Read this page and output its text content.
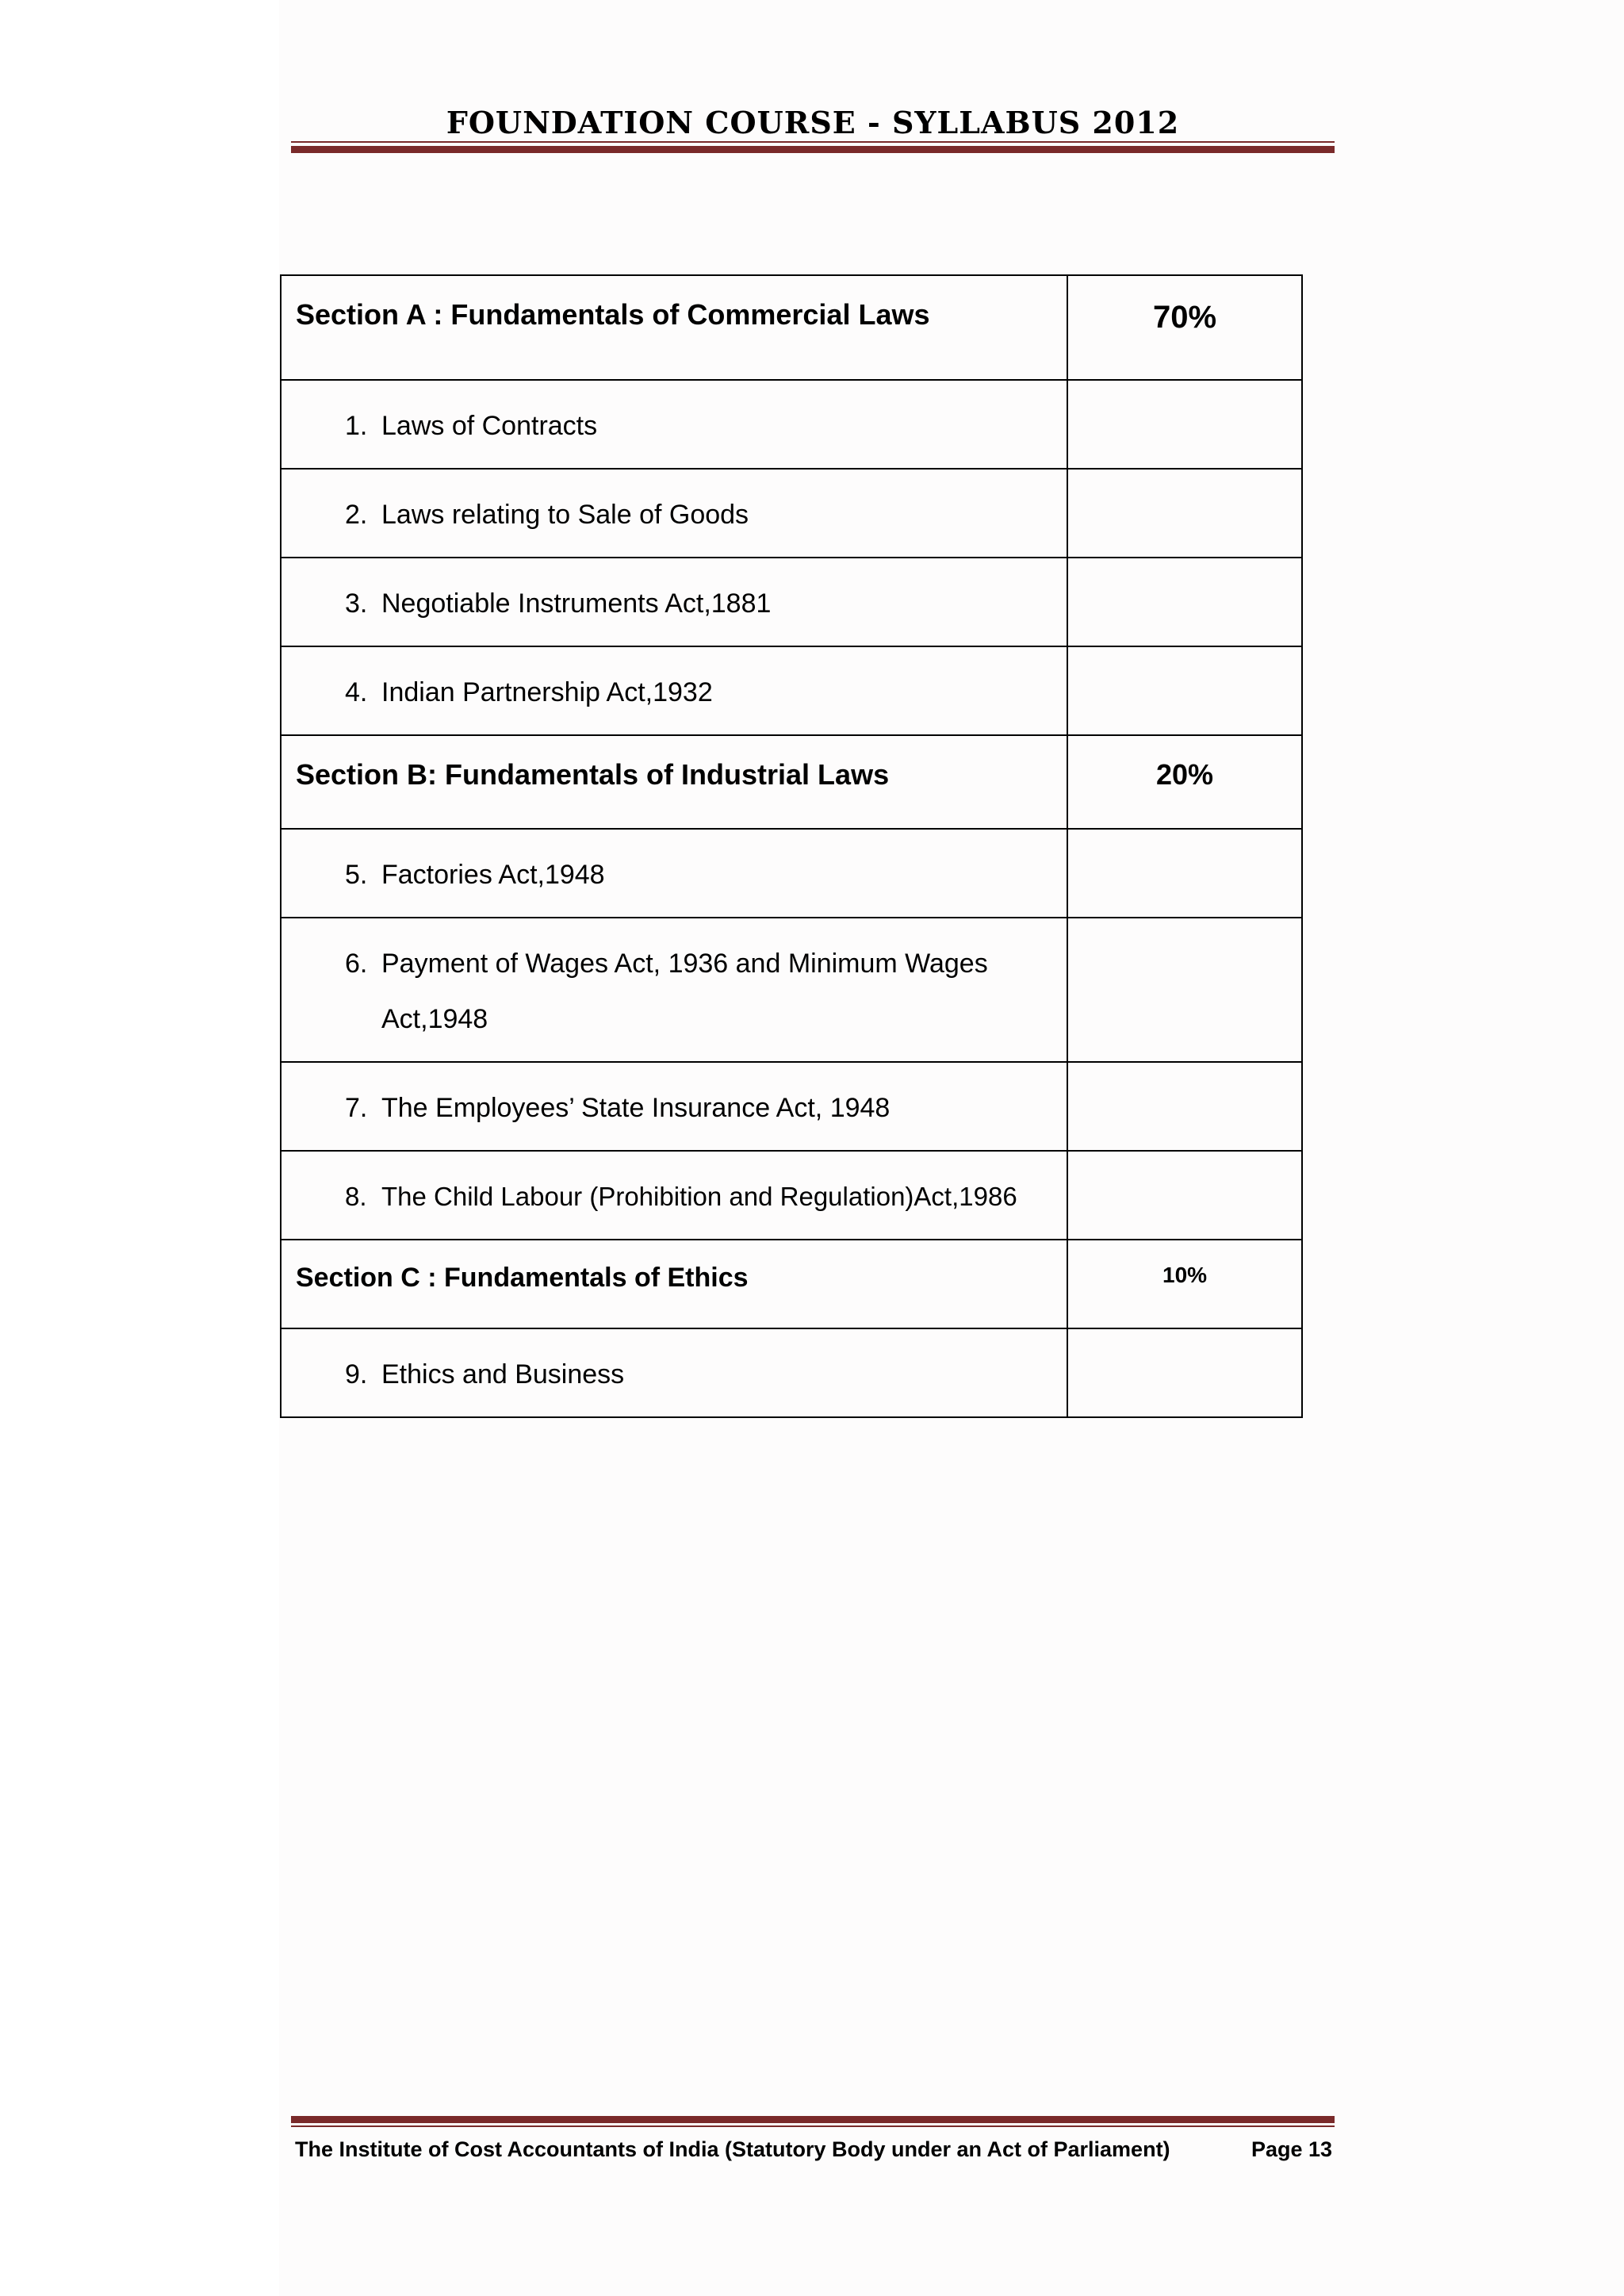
FOUNDATION COURSE - SYLLABUS 2012
Section A : Fundamentals of Commercial Laws	70%

1. Laws of Contracts	

2. Laws relating to Sale of Goods	

3. Negotiable Instruments Act,1881	

4. Indian Partnership Act,1932	

Section B: Fundamentals of Industrial Laws	20%

5. Factories Act,1948	

6. Payment of Wages Act, 1936 and Minimum Wages Act,1948	

7. The Employees’ State Insurance Act, 1948	

8. The Child Labour (Prohibition and Regulation)Act,1986	

Section C : Fundamentals of Ethics	10%

9. Ethics and Business	

The Institute of Cost Accountants of India (Statutory Body under an Act of Parliament)	Page 13
